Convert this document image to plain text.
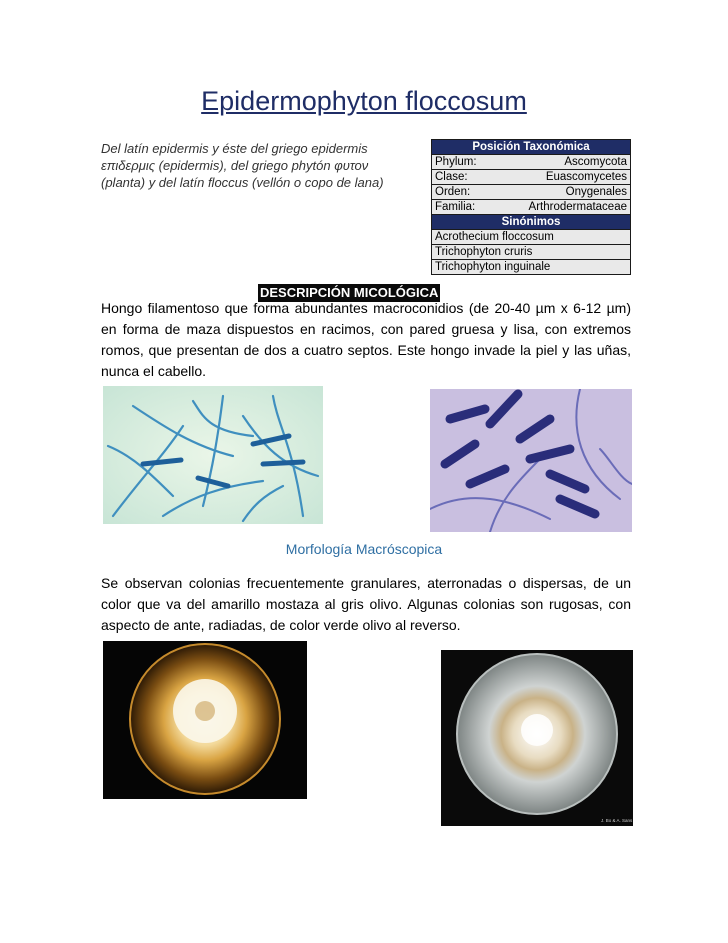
Epidermophyton floccosum
Del latín epidermis y éste del griego epidermis
επιδερμις (epidermis), del griego phytón φυτον
(planta) y del latín floccus (vellón o copo de lana)
Posición Taxonómica

Phylum:	Ascomycota

Clase:	Euascomycetes

Orden:	Onygenales

Familia:	Arthrodermataceae

Sinónimos
Acrothecium floccosum
Trichophyton cruris
Trichophyton inguinale
DESCRIPCIÓN MICOLÓGICA
Hongo filamentoso que forma abundantes macroconidios (de 20-40 µm x 6-12 µm) en forma de maza dispuestos en racimos, con pared gruesa y lisa, con extremos romos, que presentan de dos a cuatro septos. Este hongo invade la piel y las uñas, nunca el cabello.
Morfología Macróscopica
Se observan colonias frecuentemente granulares, aterronadas o dispersas, de un color que va del amarillo mostaza al gris olivo. Algunas colonias son rugosas, con aspecto de ante, radiadas, de color verde olivo al reverso.
J. Bo & A. Sans
